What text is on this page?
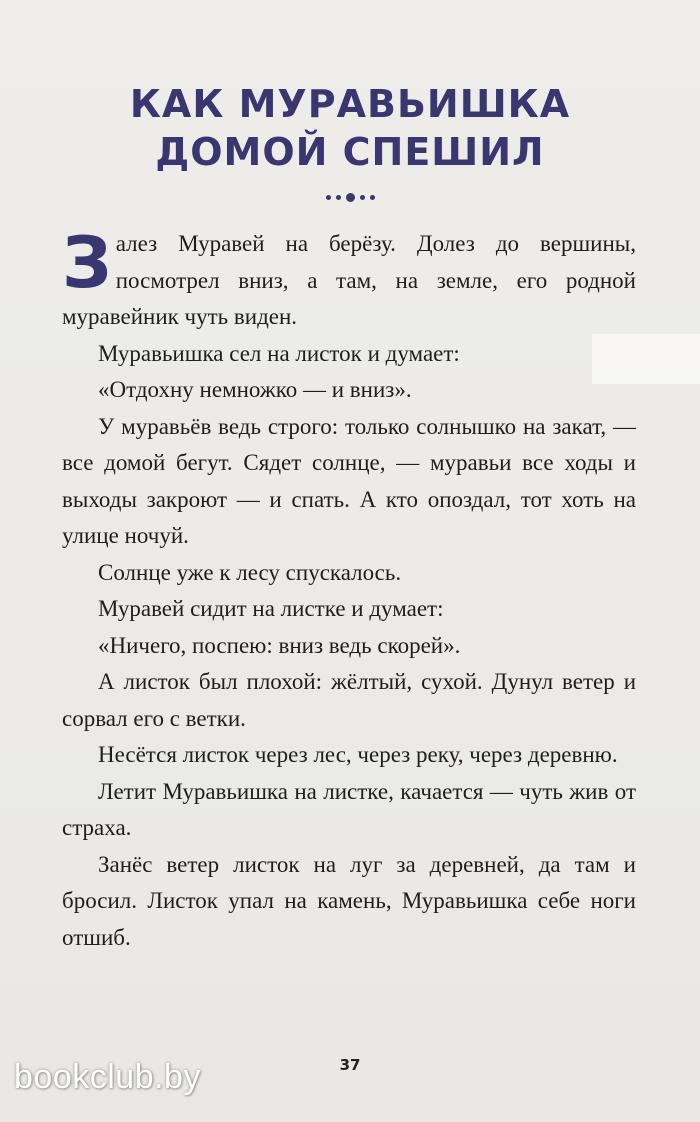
КАК МУРАВЬИШКА
ДОМОЙ СПЕШИЛ

Залез Муравей на берёзу. Долез до вершины, посмотрел вниз, а там, на земле, его родной муравейник чуть виден.

Муравьишка сел на листок и думает:

«Отдохну немножко — и вниз».

У муравьёв ведь строго: только солнышко на закат, — все домой бегут. Сядет солнце, — муравьи все ходы и выходы закроют — и спать. А кто опоздал, тот хоть на улице ночуй.

Солнце уже к лесу спускалось.

Муравей сидит на листке и думает:

«Ничего, поспею: вниз ведь скорей».

А листок был плохой: жёлтый, сухой. Дунул ветер и сорвал его с ветки.

Несётся листок через лес, через реку, через деревню.

Летит Муравьишка на листке, качается — чуть жив от страха.

Занёс ветер листок на луг за деревней, да там и бросил. Листок упал на камень, Муравьишка себе ноги отшиб.

37
bookclub.by
